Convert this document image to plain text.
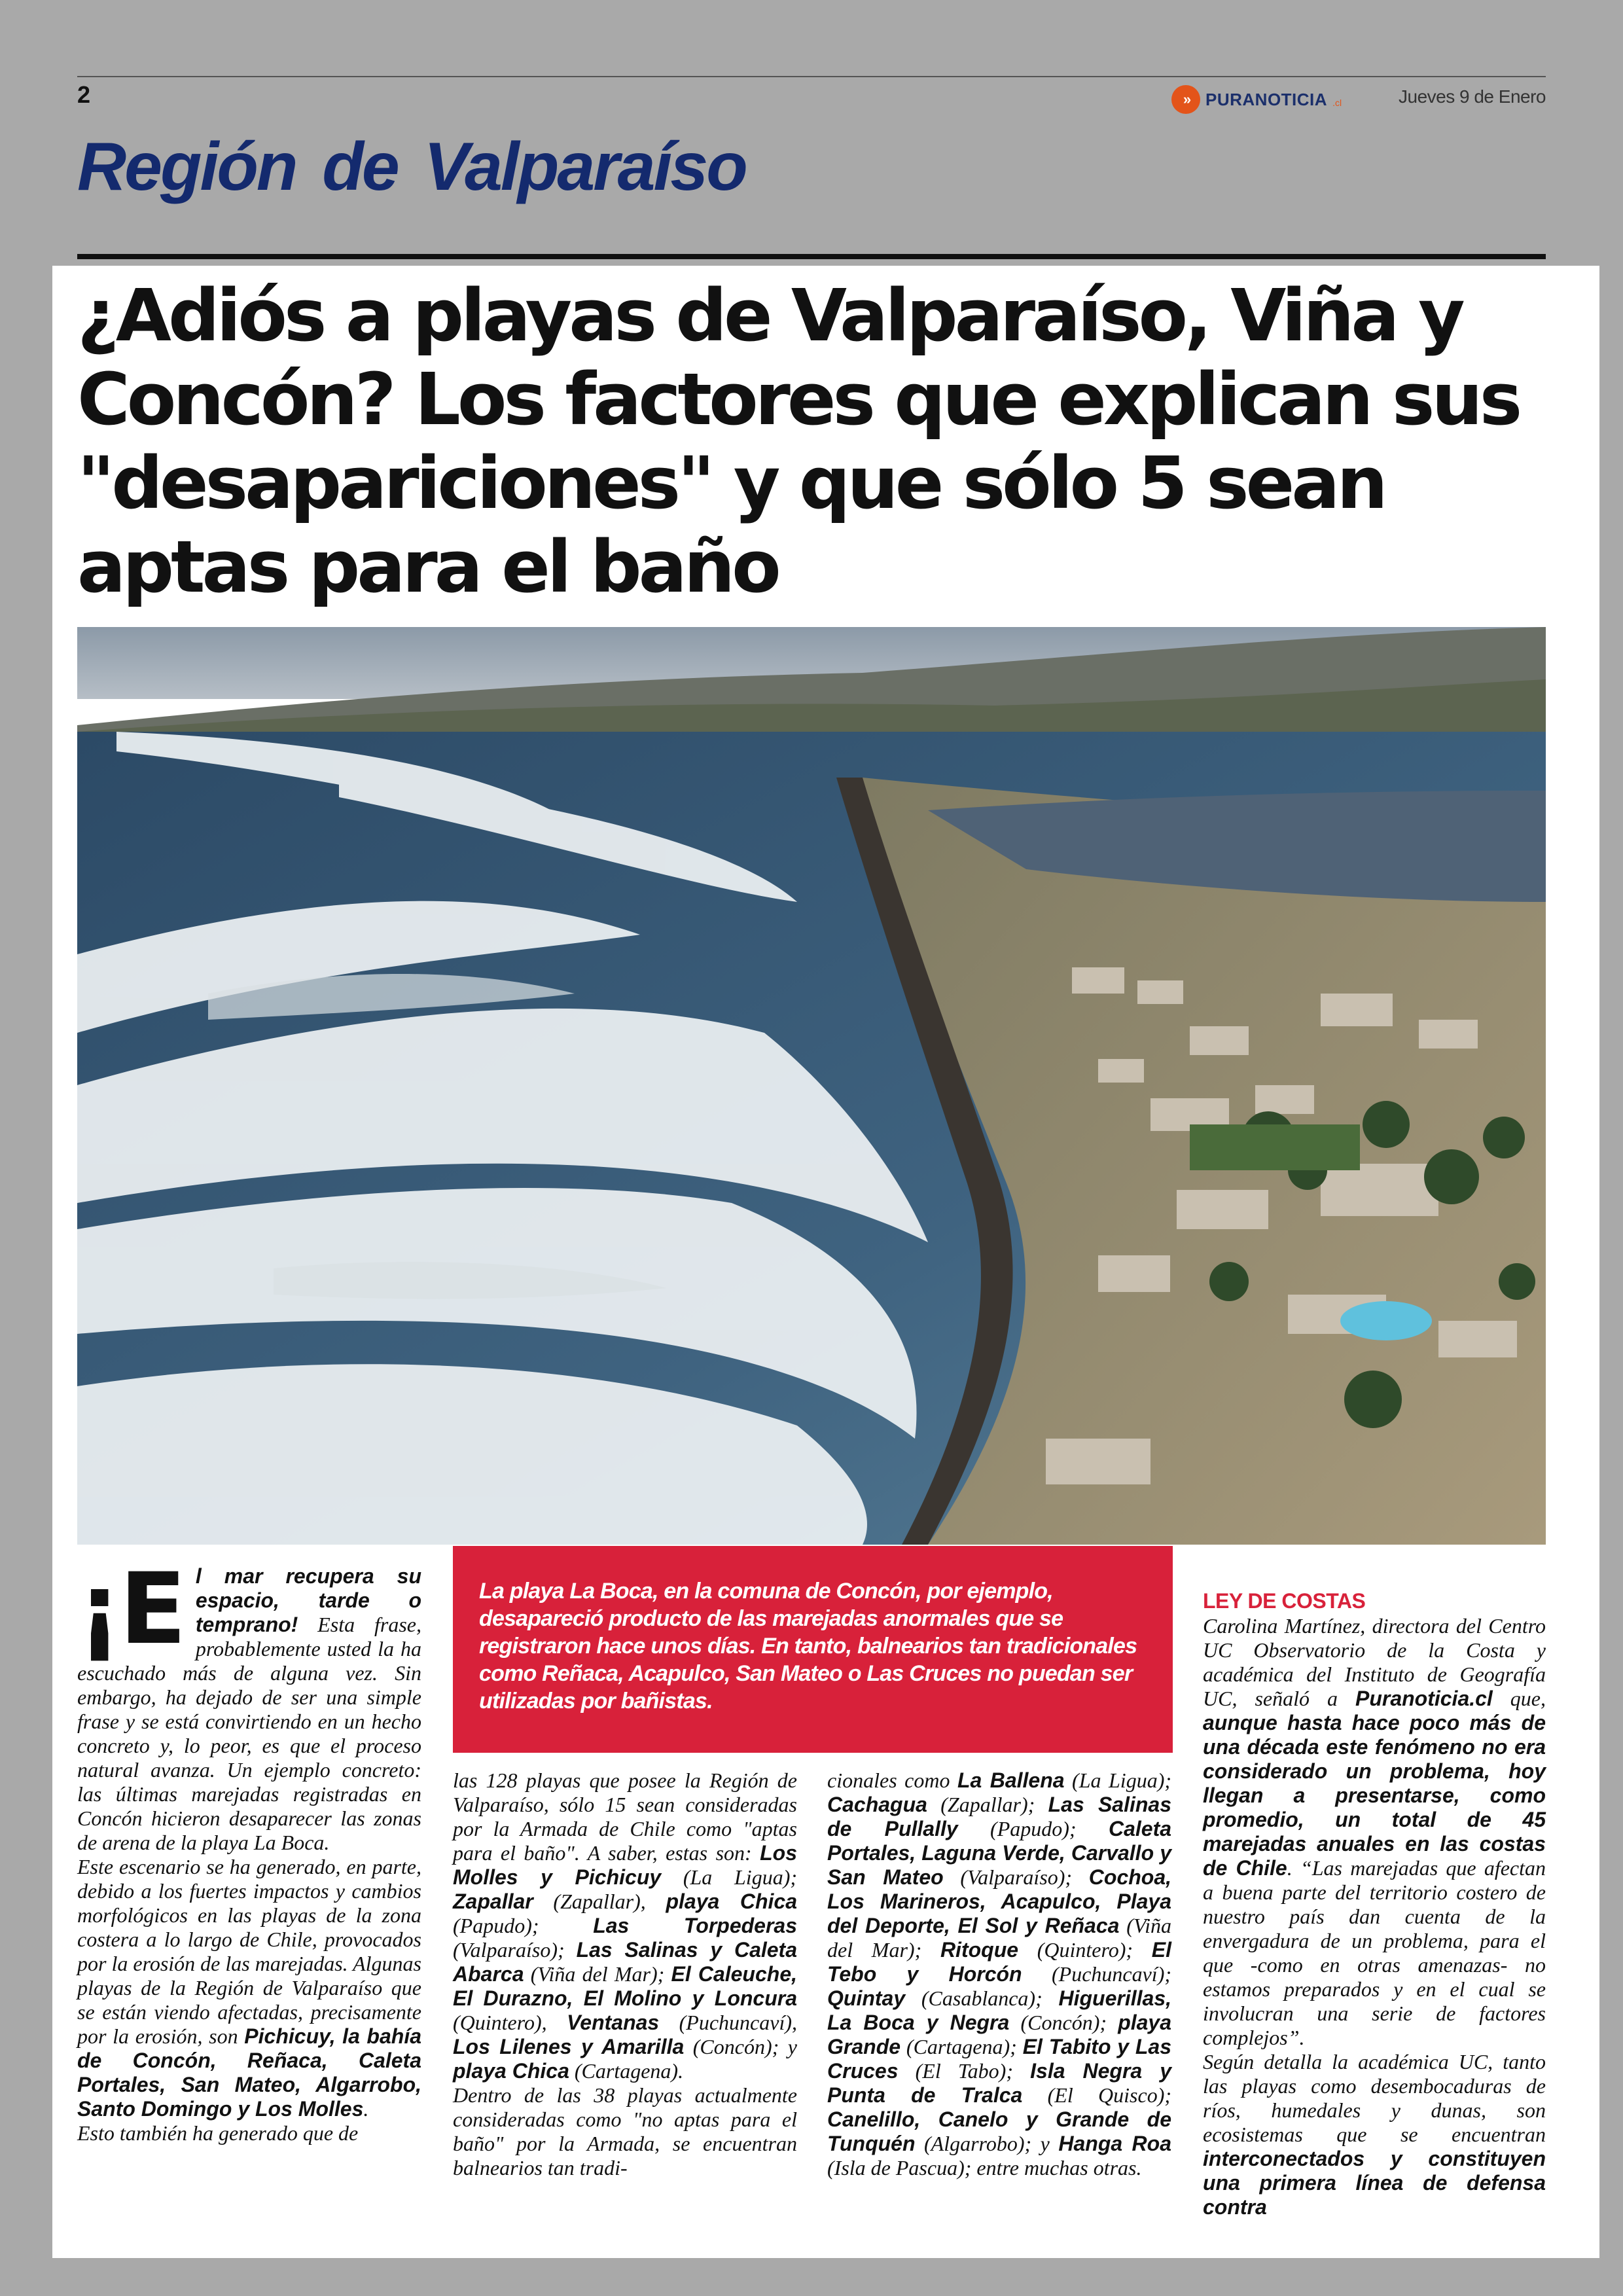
2	» PURANOTICIA .cl	Jueves 9 de Enero
Región de Valparaíso
¿Adiós a playas de Valparaíso, Viña y Concón? Los factores que explican sus "desapariciones" y que sólo 5 sean aptas para el baño

La playa La Boca, en la comuna de Concón, por ejemplo, desapareció producto de las marejadas anormales que se registraron hace unos días. En tanto, balnearios tan tradicionales como Reñaca, Acapulco, San Mateo o Las Cruces no puedan ser utilizadas por bañistas.

¡E l mar recupera su espacio, tarde o temprano! Esta frase, probablemente usted la ha escuchado más de alguna vez. Sin embargo, ha dejado de ser una simple frase y se está convirtiendo en un hecho concreto y, lo peor, es que el proceso natural avanza. Un ejemplo concreto: las últimas marejadas registradas en Concón hicieron desaparecer las zonas de arena de la playa La Boca.

Este escenario se ha generado, en parte, debido a los fuertes impactos y cambios morfológicos en las playas de la zona costera a lo largo de Chile, provocados por la erosión de las marejadas. Algunas playas de la Región de Valparaíso que se están viendo afectadas, precisamente por la erosión, son Pichicuy, la bahía de Concón, Reñaca, Caleta Portales, San Mateo, Algarrobo, Santo Domingo y Los Molles.

Esto también ha generado que de

las 128 playas que posee la Región de Valparaíso, sólo 15 sean consideradas por la Armada de Chile como "aptas para el baño". A saber, estas son: Los Molles y Pichicuy (La Ligua); Zapallar (Zapallar), playa Chica (Papudo); Las Torpederas (Valparaíso); Las Salinas y Caleta Abarca (Viña del Mar); El Caleuche, El Durazno, El Molino y Loncura (Quintero), Ventanas (Puchuncaví), Los Lilenes y Amarilla (Concón); y playa Chica (Cartagena).

Dentro de las 38 playas actualmente consideradas como "no aptas para el baño" por la Armada, se encuentran balnearios tan tradi-

cionales como La Ballena (La Ligua); Cachagua (Zapallar); Las Salinas de Pullally (Papudo); Caleta Portales, Laguna Verde, Carvallo y San Mateo (Valparaíso); Cochoa, Los Marineros, Acapulco, Playa del Deporte, El Sol y Reñaca (Viña del Mar); Ritoque (Quintero); El Tebo y Horcón (Puchuncaví); Quintay (Casablanca); Higuerillas, La Boca y Negra (Concón); playa Grande (Cartagena); El Tabito y Las Cruces (El Tabo); Isla Negra y Punta de Tralca (El Quisco); Canelillo, Canelo y Grande de Tunquén (Algarrobo); y Hanga Roa (Isla de Pascua); entre muchas otras.

LEY DE COSTAS

Carolina Martínez, directora del Centro UC Observatorio de la Costa y académica del Instituto de Geografía UC, señaló a Puranoticia.cl que, aunque hasta hace poco más de una década este fenómeno no era considerado un problema, hoy llegan a presentarse, como promedio, un total de 45 marejadas anuales en las costas de Chile. “Las marejadas que afectan a buena parte del territorio costero de nuestro país dan cuenta de la envergadura de un problema, para el que -como en otras amenazas- no estamos preparados y en el cual se involucran una serie de factores complejos”.

Según detalla la académica UC, tanto las playas como desembocaduras de ríos, humedales y dunas, son ecosistemas que se encuentran interconectados y constituyen una primera línea de defensa contra
